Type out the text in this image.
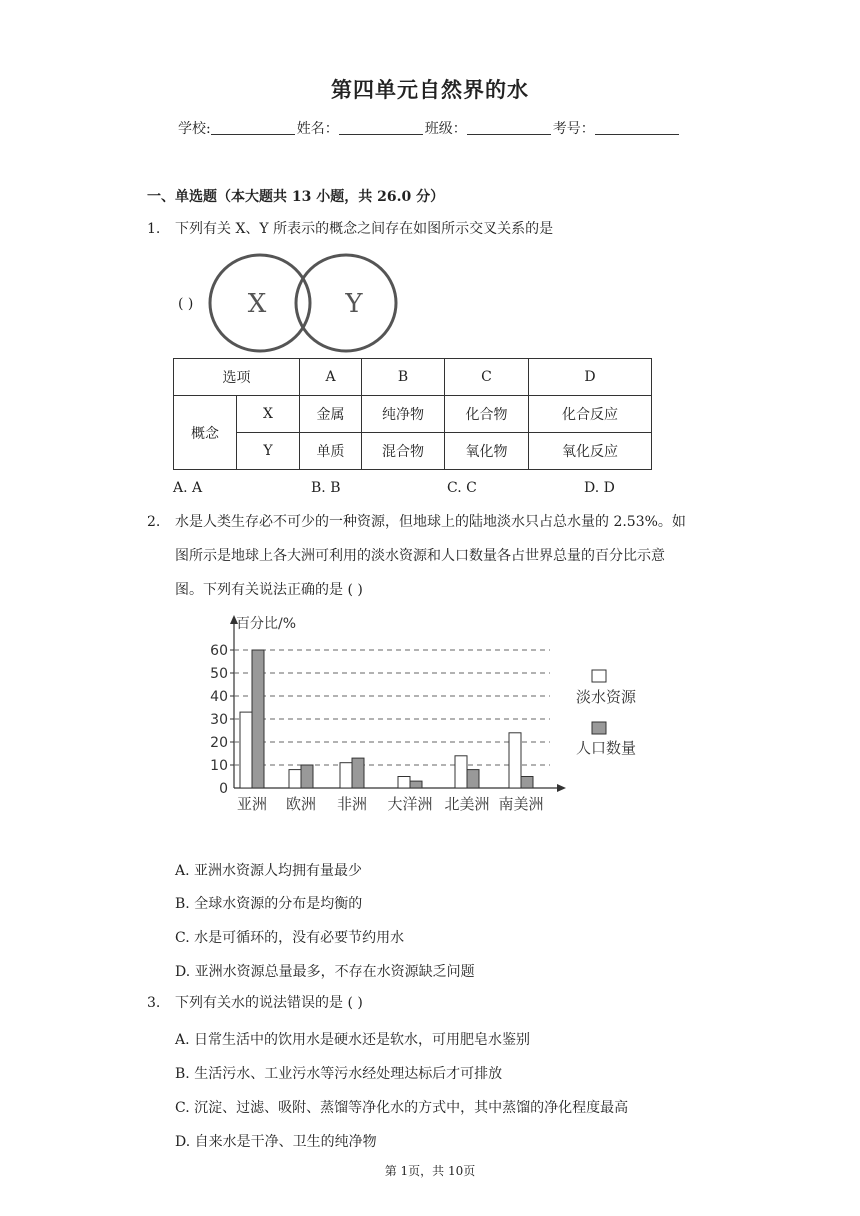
第四单元自然界的水
学校:	姓名：	班级：	考号：
一、单选题（本大题共 13 小题，共 26.0 分）
1. 下列有关 X、Y 所表示的概念之间存在如图所示交叉关系的是
( ) X	Y
选项		A	B	C	D
概念	X	金属	纯净物	化合物	化合反应
	Y	单质	混合物	氧化物	氧化反应
A. A	B. B	C. C	D. D
2. 水是人类生存必不可少的一种资源，但地球上的陆地淡水只占总水量的 2.53%。如
图所示是地球上各大洲可利用的淡水资源和人口数量各占世界总量的百分比示意
图。下列有关说法正确的是 ( )
百分比/%
0
10
20
30
40
50
60
亚洲 欧洲 非洲 大洋洲 北美洲 南美洲
淡水资源
人口数量
A. 亚洲水资源人均拥有量最少
B. 全球水资源的分布是均衡的
C. 水是可循环的，没有必要节约用水
D. 亚洲水资源总量最多，不存在水资源缺乏问题
3. 下列有关水的说法错误的是 ( )
A. 日常生活中的饮用水是硬水还是软水，可用肥皂水鉴别
B. 生活污水、工业污水等污水经处理达标后才可排放
C. 沉淀、过滤、吸附、蒸馏等净化水的方式中，其中蒸馏的净化程度最高
D. 自来水是干净、卫生的纯净物
第 1页，共 10页
